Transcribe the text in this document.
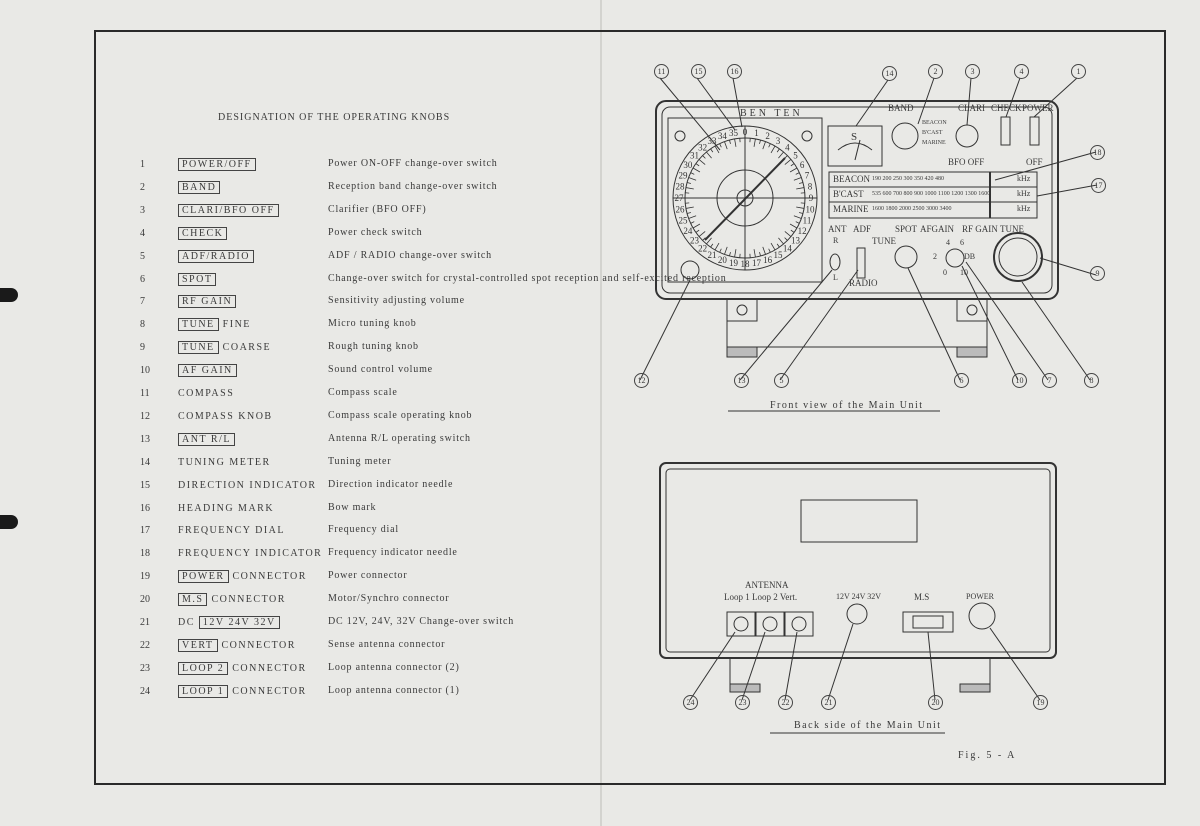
DESIGNATION OF THE OPERATING KNOBS
1	POWER/OFF	Power ON-OFF change-over switch
2	BAND	Reception band change-over switch
3	CLARI/BFO OFF	Clarifier (BFO OFF)
4	CHECK	Power check switch
5	ADF/RADIO	ADF / RADIO change-over switch
6	SPOT	Change-over switch for crystal-controlled spot reception and self-excited reception
7	RF GAIN	Sensitivity adjusting volume
8	TUNE FINE	Micro tuning knob
9	TUNE COARSE	Rough tuning knob
10	AF GAIN	Sound control volume
11	COMPASS	Compass scale
12	COMPASS KNOB	Compass scale operating knob
13	ANT R/L	Antenna R/L operating switch
14	TUNING METER	Tuning meter
15	DIRECTION INDICATOR Direction indicator needle
16	HEADING MARK	Bow mark
17	FREQUENCY DIAL	Frequency dial
18	FREQUENCY INDICATOR Frequency indicator needle
19	POWER CONNECTOR Power connector
20	M.S CONNECTOR	Motor/Synchro connector
21	DC 12V 24V 32V	DC 12V, 24V, 32V Change-over switch
22	VERT CONNECTOR	Sense antenna connector
23	LOOP 2 CONNECTOR Loop antenna connector (2)
24	LOOP 1 CONNECTOR Loop antenna connector (1)
0 1 2 3
4
5
6
7
8
9
10
11
12
13
14
15
16
17
18
19
20
21
22
23
24
25
26
27
28
29
30
31
32
33 34 35
BEN TEN	BAND
BEACON
B'CAST
MARINE
CLARI
BFO OFF
CHECK POWER
OFF
S
BEACON 190 200 250 300 350 420 480	kHz
B'CAST 535 600 700 800 900 1000 1100 1200 1300 1600	kHz
MARINE 1600 1800 2000 2500 3000 3400	kHz
ANT ADF
R
L
RADIO
TUNE
SPOT AFGAIN RF GAIN TUNE
DB
2
4 6
0 10
11	15	16	14	2	3	4	1
18
17
9
12	13	5	6	10	7	8
ANTENNA
Loop 1 Loop 2 Vert.	12V 24V 32V	M.S	POWER
24	23	22	21	20	19
Front view of the Main Unit
Back side of the Main Unit
Fig. 5 - A
